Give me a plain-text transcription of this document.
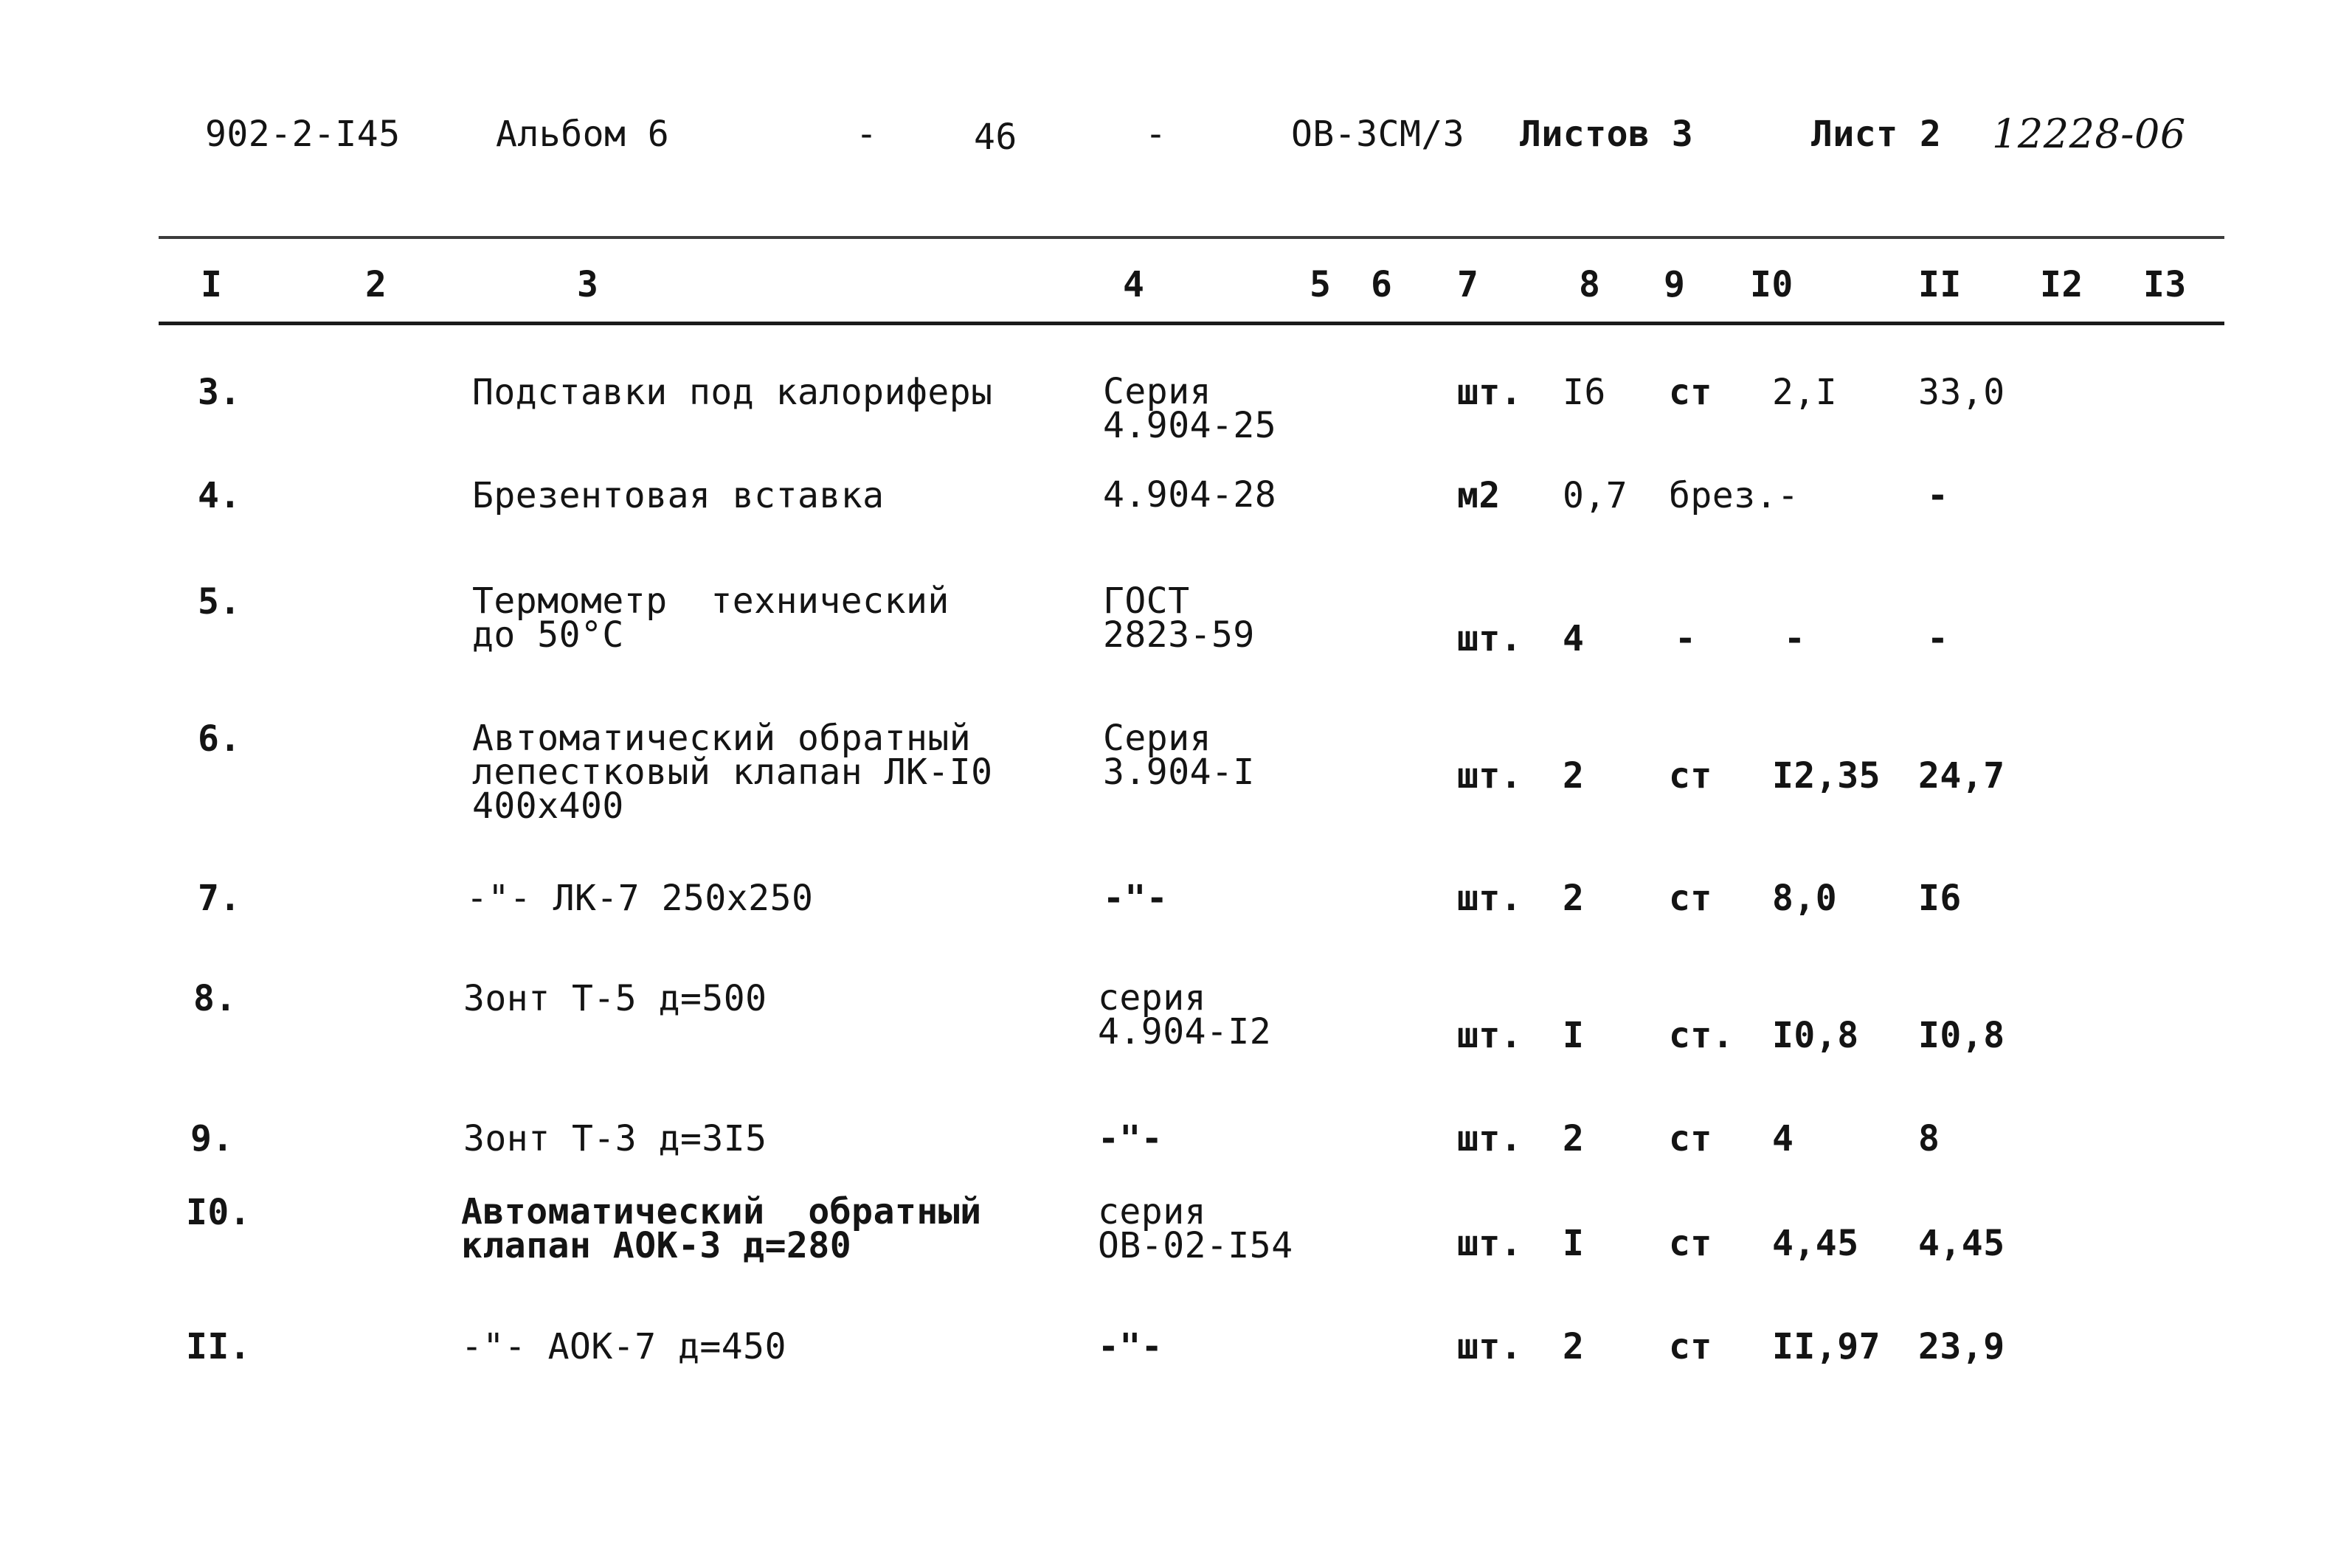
902-2-I45	Альбом 6	-	46	-	ОВ-3СМ/3 Листов 3	Лист 2 12228-06
I	2	3	4	5 6 7	8 9 I0	II I2 I3
3.	Подставки под калориферы	Серия
4.904-25
шт. I6 ст 2,I 33,0
4.	Брезентовая вставка	4.904-28	м2 0,7 брез.-	-
5.	Термометр  технический
до 50°С
ГОСТ
2823-59	шт. 4	- -	-
6.	Автоматический обратный
лепестковый клапан ЛК-I0
400х400
Серия
3.904-I	шт. 2 ст I2,35 24,7
7.	-"- ЛК-7 250х250	-"-	шт. 2 ст 8,0 I6
8.	Зонт Т-5 д=500	серия
4.904-I2	шт. I ст. I0,8 I0,8
9.	Зонт Т-3 д=3I5	-"-	шт. 2 ст 4	8
I0.	Автоматический  обратный
клапан АОК-3 д=280
серия
ОВ-02-I54	шт. I ст 4,45 4,45
II.	-"- АОК-7 д=450	-"-	шт. 2 ст II,97 23,9
